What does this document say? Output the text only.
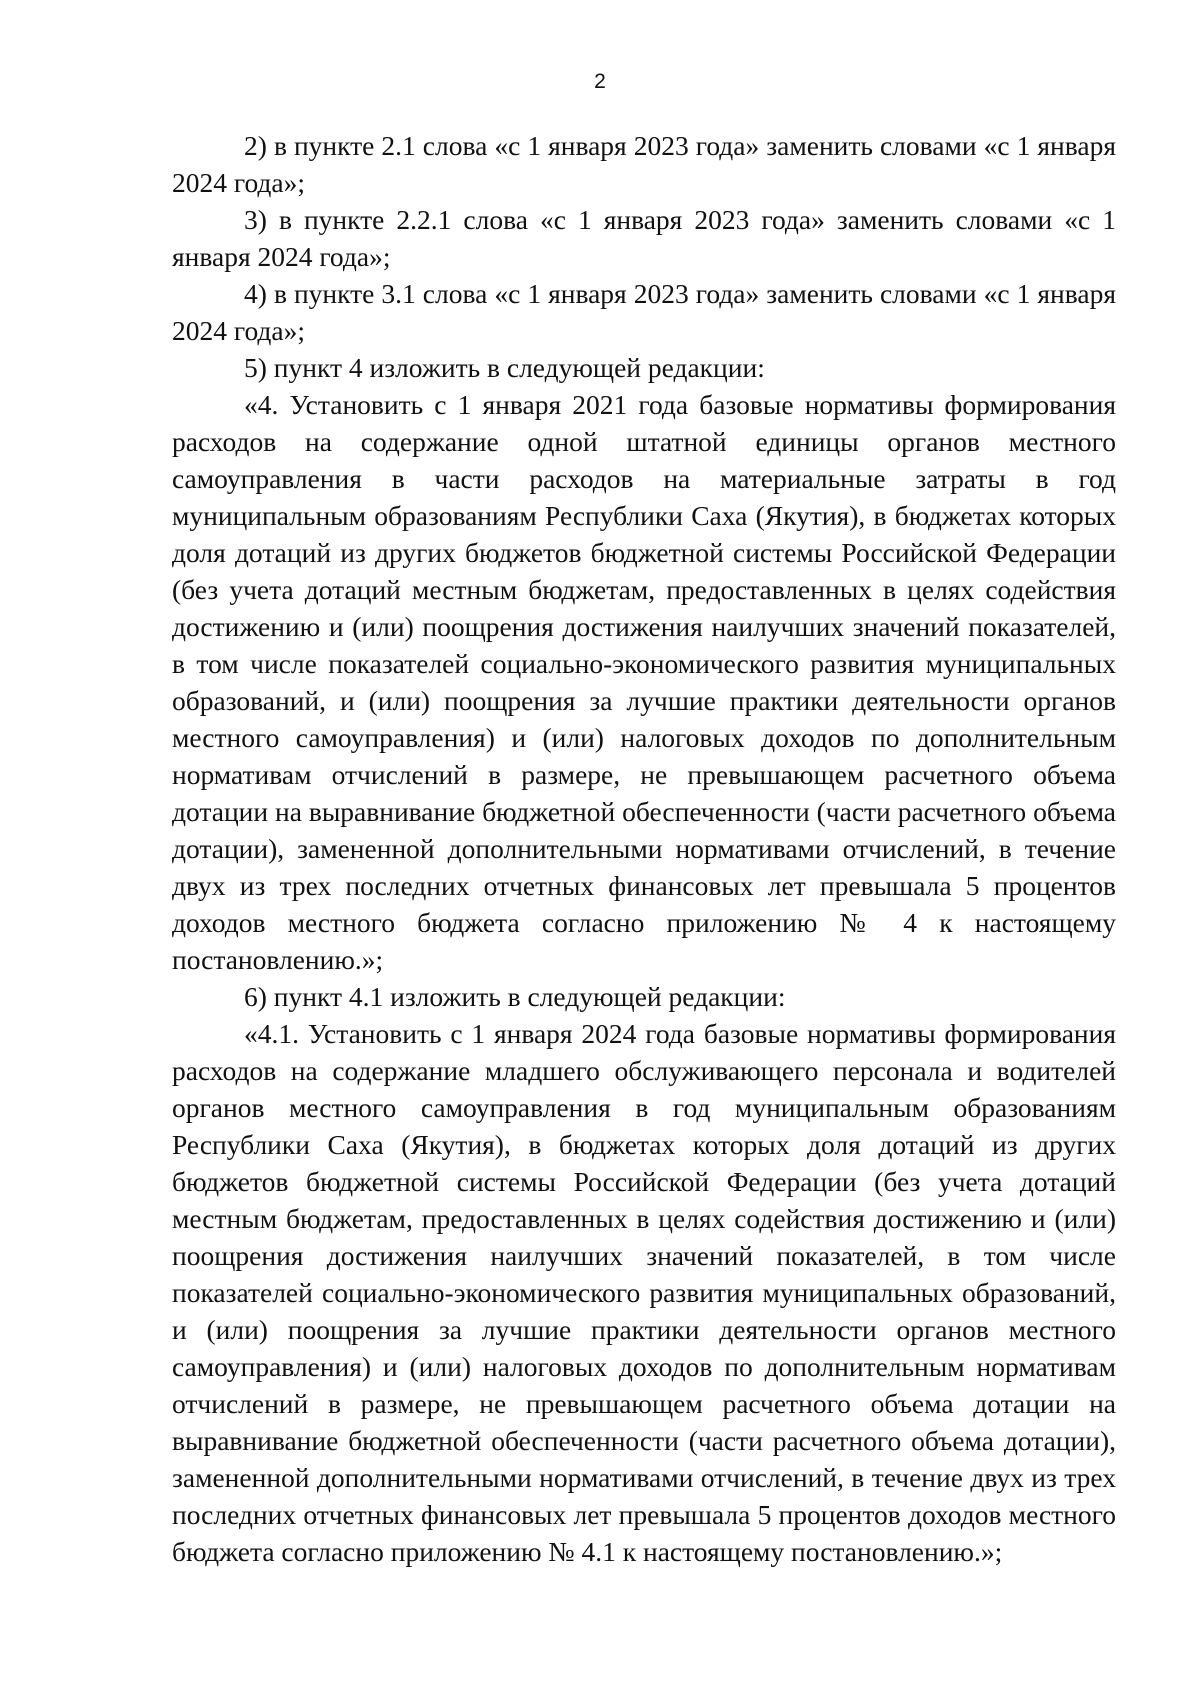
2

2) в пункте 2.1 слова «с 1 января 2023 года» заменить словами «с 1 января 2024 года»;

3) в пункте 2.2.1 слова «с 1 января 2023 года» заменить словами «с 1 января 2024 года»;

4) в пункте 3.1 слова «с 1 января 2023 года» заменить словами «с 1 января 2024 года»;

5) пункт 4 изложить в следующей редакции:

«4. Установить с 1 января 2021 года базовые нормативы формирования расходов на содержание одной штатной единицы органов местного самоуправления в части расходов на материальные затраты в год муниципальным образованиям Республики Саха (Якутия), в бюджетах которых доля дотаций из других бюджетов бюджетной системы Российской Федерации (без учета дотаций местным бюджетам, предоставленных в целях содействия достижению и (или) поощрения достижения наилучших значений показателей, в том числе показателей социально-экономического развития муниципальных образований, и (или) поощрения за лучшие практики деятельности органов местного самоуправления) и (или) налоговых доходов по дополнительным нормативам отчислений в размере, не превышающем расчетного объема дотации на выравнивание бюджетной обеспеченности (части расчетного объема дотации), замененной дополнительными нормативами отчислений, в течение двух из трех последних отчетных финансовых лет превышала 5 процентов доходов местного бюджета согласно приложению № 4 к настоящему постановлению.»;

6) пункт 4.1 изложить в следующей редакции:

«4.1. Установить с 1 января 2024 года базовые нормативы формирования расходов на содержание младшего обслуживающего персонала и водителей органов местного самоуправления в год муниципальным образованиям Республики Саха (Якутия), в бюджетах которых доля дотаций из других бюджетов бюджетной системы Российской Федерации (без учета дотаций местным бюджетам, предоставленных в целях содействия достижению и (или) поощрения достижения наилучших значений показателей, в том числе показателей социально-экономического развития муниципальных образований, и (или) поощрения за лучшие практики деятельности органов местного самоуправления) и (или) налоговых доходов по дополнительным нормативам отчислений в размере, не превышающем расчетного объема дотации на выравнивание бюджетной обеспеченности (части расчетного объема дотации), замененной дополнительными нормативами отчислений, в течение двух из трех последних отчетных финансовых лет превышала 5 процентов доходов местного бюджета согласно приложению № 4.1 к настоящему постановлению.»;
